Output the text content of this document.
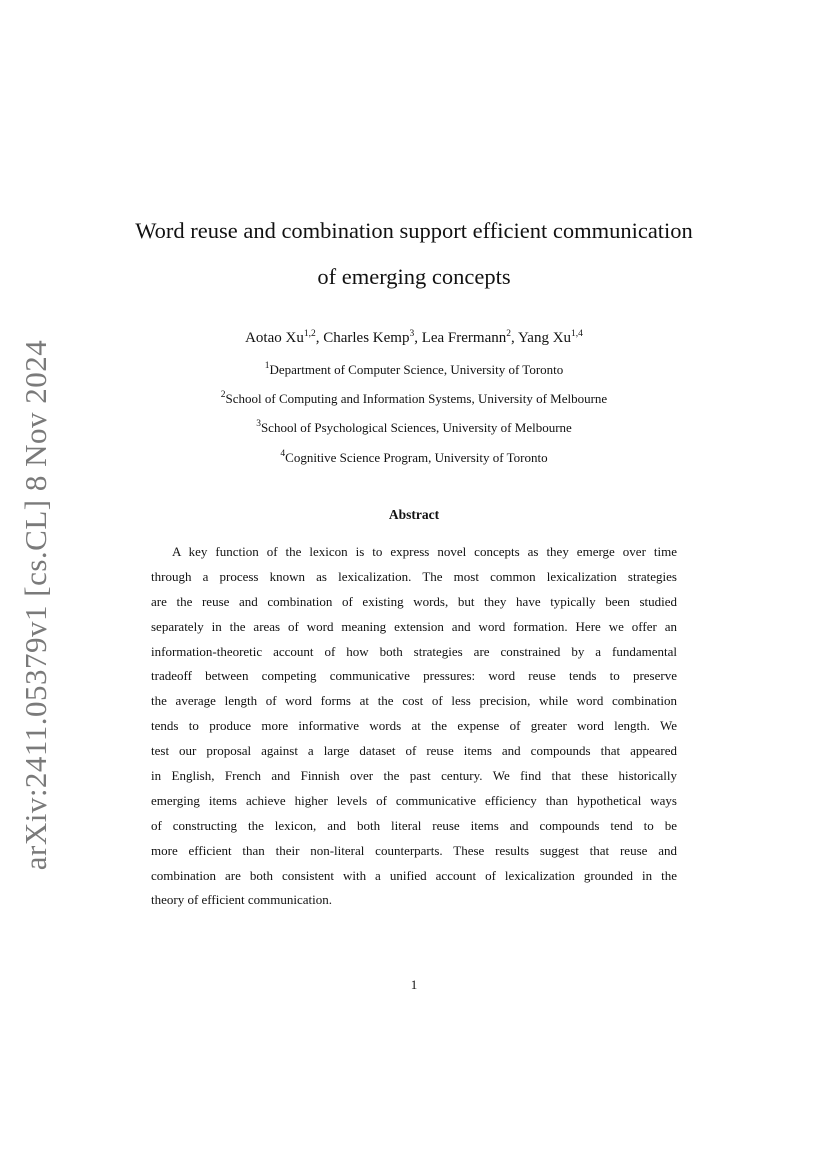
arXiv:2411.05379v1 [cs.CL] 8 Nov 2024
Word reuse and combination support efficient communication
of emerging concepts
Aotao Xu$^{1,2}$, Charles Kemp$^3$, Lea Frermann$^2$, Yang Xu$^{1,4}$
$^1$Department of Computer Science, University of Toronto
$^2$School of Computing and Information Systems, University of Melbourne
$^3$School of Psychological Sciences, University of Melbourne
$^4$Cognitive Science Program, University of Toronto
Abstract
A key function of the lexicon is to express novel concepts as they emerge over time
through a process known as lexicalization. The most common lexicalization strategies
are the reuse and combination of existing words, but they have typically been studied
separately in the areas of word meaning extension and word formation. Here we offer an
information-theoretic account of how both strategies are constrained by a fundamental
tradeoff between competing communicative pressures: word reuse tends to preserve
the average length of word forms at the cost of less precision, while word combination
tends to produce more informative words at the expense of greater word length. We
test our proposal against a large dataset of reuse items and compounds that appeared
in English, French and Finnish over the past century. We find that these historically
emerging items achieve higher levels of communicative efficiency than hypothetical ways
of constructing the lexicon, and both literal reuse items and compounds tend to be
more efficient than their non-literal counterparts. These results suggest that reuse and
combination are both consistent with a unified account of lexicalization grounded in the
theory of efficient communication.
1
